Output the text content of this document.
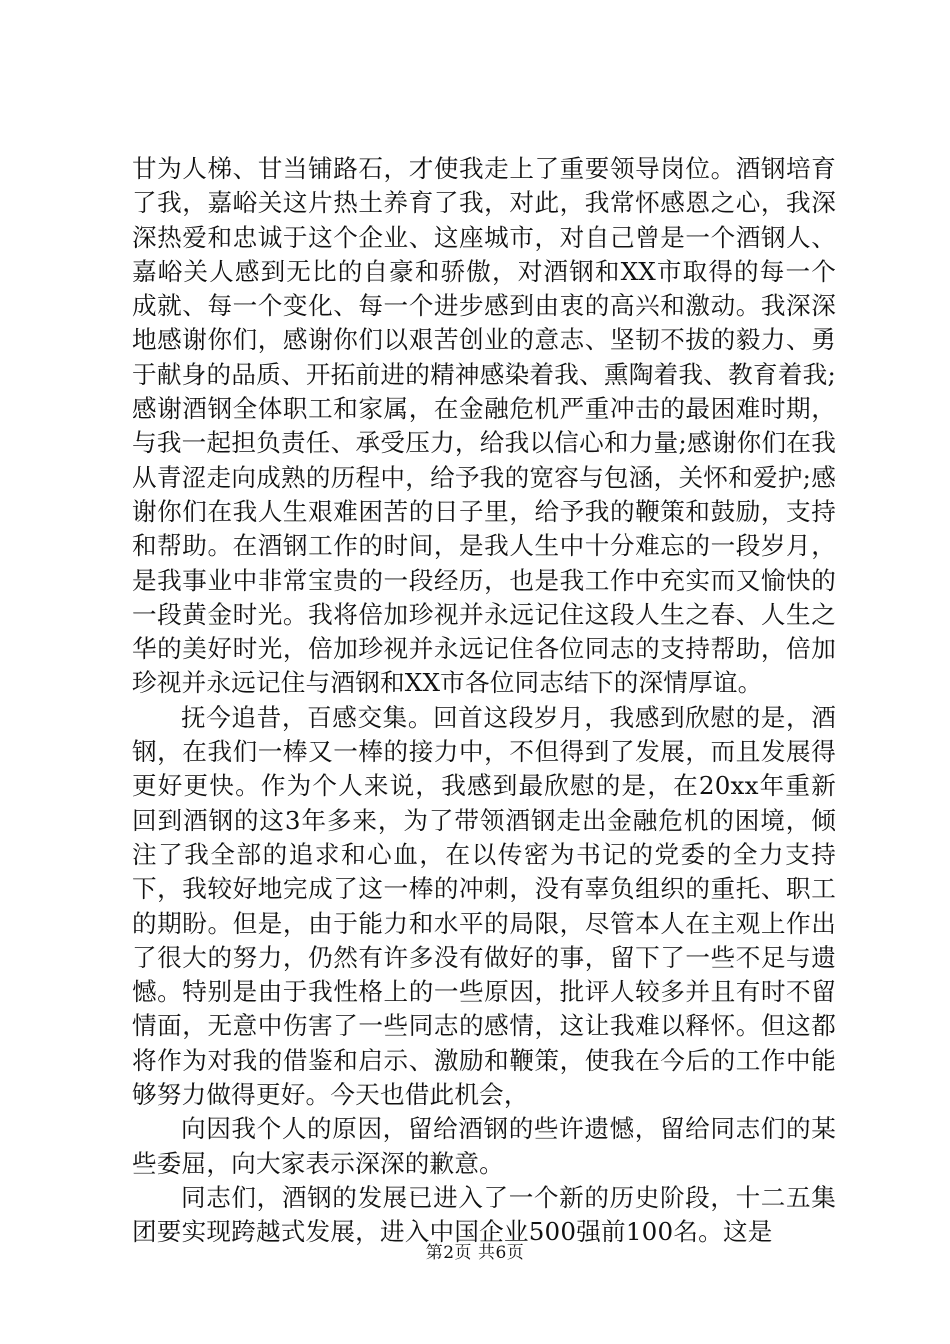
甘为人梯、甘当铺路石，才使我走上了重要领导岗位。酒钢培育了我，嘉峪关这片热土养育了我，对此，我常怀感恩之心，我深深热爱和忠诚于这个企业、这座城市，对自己曾是一个酒钢人、嘉峪关人感到无比的自豪和骄傲，对酒钢和XX市取得的每一个成就、每一个变化、每一个进步感到由衷的高兴和激动。我深深地感谢你们，感谢你们以艰苦创业的意志、坚韧不拔的毅力、勇于献身的品质、开拓前进的精神感染着我、熏陶着我、教育着我;感谢酒钢全体职工和家属，在金融危机严重冲击的最困难时期，与我一起担负责任、承受压力，给我以信心和力量;感谢你们在我从青涩走向成熟的历程中，给予我的宽容与包涵，关怀和爱护;感谢你们在我人生艰难困苦的日子里，给予我的鞭策和鼓励，支持和帮助。在酒钢工作的时间，是我人生中十分难忘的一段岁月，是我事业中非常宝贵的一段经历，也是我工作中充实而又愉快的一段黄金时光。我将倍加珍视并永远记住这段人生之春、人生之华的美好时光，倍加珍视并永远记住各位同志的支持帮助，倍加珍视并永远记住与酒钢和XX市各位同志结下的深情厚谊。

抚今追昔，百感交集。回首这段岁月，我感到欣慰的是，酒钢，在我们一棒又一棒的接力中，不但得到了发展，而且发展得更好更快。作为个人来说，我感到最欣慰的是，在20xx年重新回到酒钢的这3年多来，为了带领酒钢走出金融危机的困境，倾注了我全部的追求和心血，在以传密为书记的党委的全力支持下，我较好地完成了这一棒的冲刺，没有辜负组织的重托、职工的期盼。但是，由于能力和水平的局限，尽管本人在主观上作出了很大的努力，仍然有许多没有做好的事，留下了一些不足与遗憾。特别是由于我性格上的一些原因，批评人较多并且有时不留情面，无意中伤害了一些同志的感情，这让我难以释怀。但这都将作为对我的借鉴和启示、激励和鞭策，使我在今后的工作中能够努力做得更好。今天也借此机会，

向因我个人的原因，留给酒钢的些许遗憾，留给同志们的某些委屈，向大家表示深深的歉意。

同志们，酒钢的发展已进入了一个新的历史阶段，十二五集团要实现跨越式发展，进入中国企业500强前100名。这是

第2页 共6页
